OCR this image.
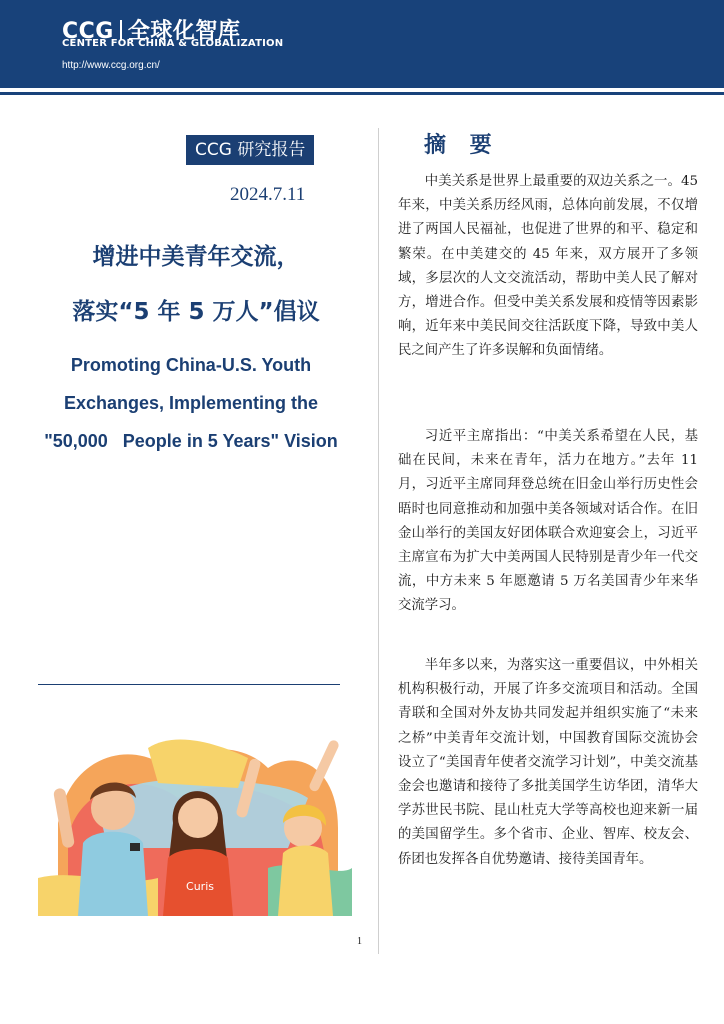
CCG 全球化智库
CENTER FOR CHINA & GLOBALIZATION
http://www.ccg.org.cn/
CCG 研究报告
2024.7.11
增进中美青年交流，
落实“5 年 5 万人”倡议
Promoting China-U.S. Youth
Exchanges, Implementing the
"50,000   People in 5 Years" Vision
Curis
摘 要

中美关系是世界上最重要的双边关系之一。45 年来，中美关系历经风雨，总体向前发展，不仅增进了两国人民福祉，也促进了世界的和平、稳定和繁荣。在中美建交的 45 年来，双方展开了多领域，多层次的人文交流活动，帮助中美人民了解对方，增进合作。但受中美关系发展和疫情等因素影响，近年来中美民间交往活跃度下降，导致中美人民之间产生了许多误解和负面情绪。

习近平主席指出：“中美关系希望在人民，基础在民间，未来在青年，活力在地方。”去年 11 月，习近平主席同拜登总统在旧金山举行历史性会晤时也同意推动和加强中美各领域对话合作。在旧金山举行的美国友好团体联合欢迎宴会上，习近平主席宣布为扩大中美两国人民特别是青少年一代交流，中方未来 5 年愿邀请 5 万名美国青少年来华交流学习。

半年多以来，为落实这一重要倡议，中外相关机构积极行动，开展了许多交流项目和活动。全国青联和全国对外友协共同发起并组织实施了“未来之桥”中美青年交流计划，中国教育国际交流协会设立了“美国青年使者交流学习计划”，中美交流基金会也邀请和接待了多批美国学生访华团，清华大学苏世民书院、昆山杜克大学等高校也迎来新一届的美国留学生。多个省市、企业、智库、校友会、侨团也发挥各自优势邀请、接待美国青年。

1
